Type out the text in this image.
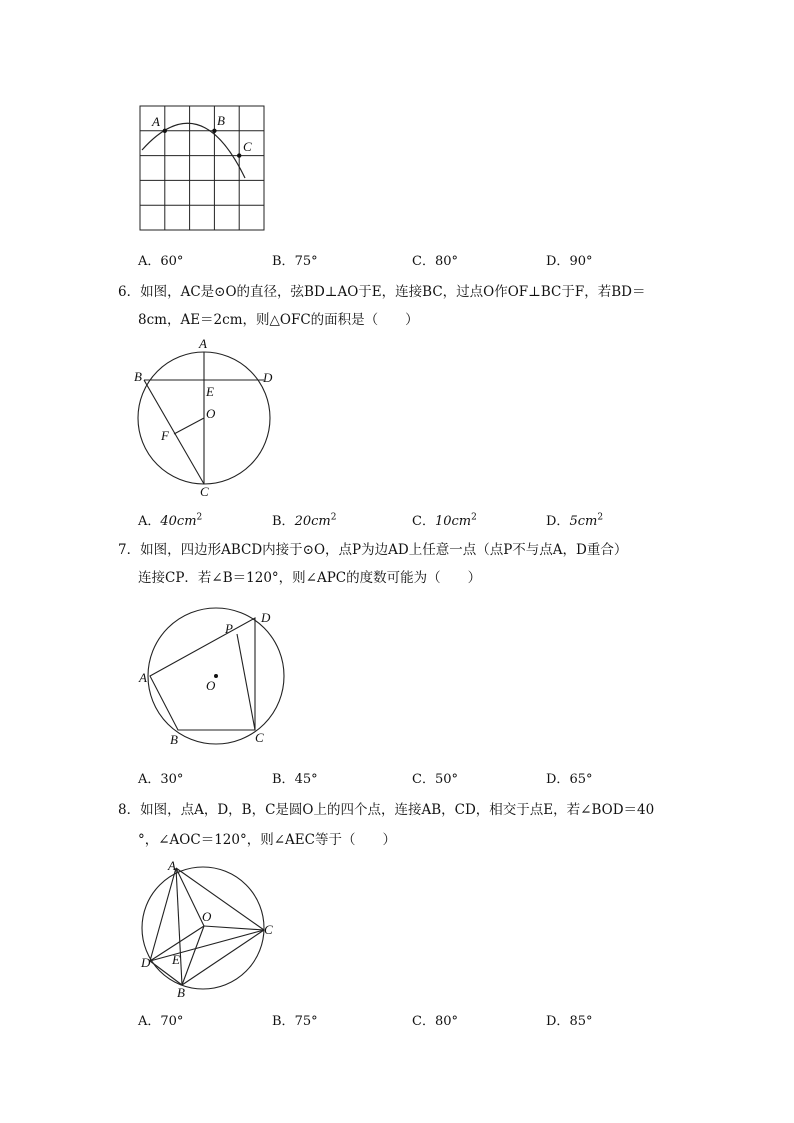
A	B
C
A．60°	B．75°	C．80°	D．90°
6．如图，AC是⊙O的直径，弦BD⊥AO于E，连接BC，过点O作OF⊥BC于F，若BD＝
8cm，AE＝2cm，则△OFC的面积是（　　）
A
B	D
E
O
F
C
A．$40cm^2$	B．$20cm^2$	C．$10cm^2$	D．$5cm^2$
7．如图，四边形ABCD内接于⊙O，点P为边AD上任意一点（点P不与点A，D重合）
连接CP．若∠B＝120°，则∠APC的度数可能为（　　）
A
B	C
D
P
O
A．30°	B．45°	C．50°	D．65°
8．如图，点A，D，B，C是圆O上的四个点，连接AB，CD，相交于点E，若∠BOD＝40
°，∠AOC＝120°，则∠AEC等于（　　）
A
O
C
D E
B
A．70°	B．75°	C．80°	D．85°
